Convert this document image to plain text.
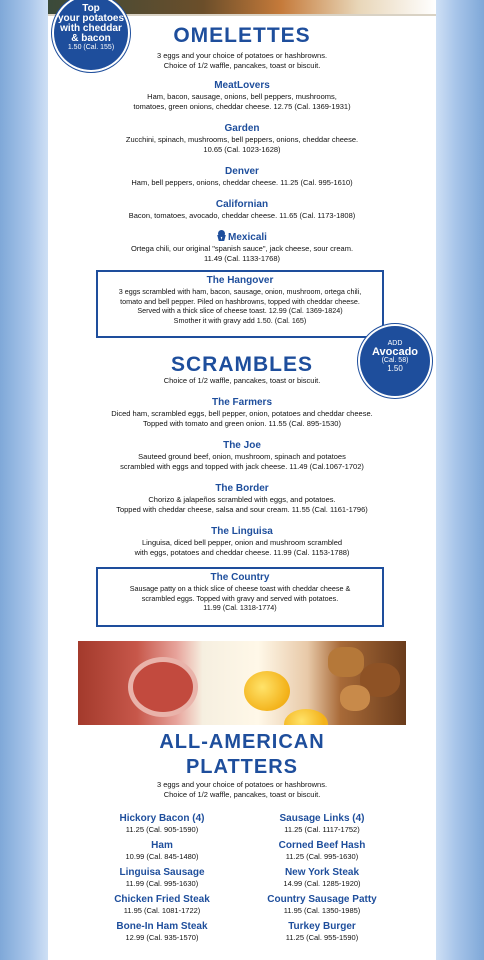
Top
your potatoes
with cheddar
& bacon
1.50 (Cal. 155)
OMELETTES
3 eggs and your choice of potatoes or hashbrowns.
Choice of 1/2 waffle, pancakes, toast or biscuit.
MeatLovers
Ham, bacon, sausage, onions, bell peppers, mushrooms,
tomatoes, green onions, cheddar cheese. 12.75 (Cal. 1369-1931)
Garden
Zucchini, spinach, mushrooms, bell peppers, onions, cheddar cheese.
10.65 (Cal. 1023-1628)
Denver
Ham, bell peppers, onions, cheddar cheese. 11.25 (Cal. 995-1610)
Californian
Bacon, tomatoes, avocado, cheddar cheese. 11.65 (Cal. 1173-1808)
Mexicali
Ortega chili, our original "spanish sauce", jack cheese, sour cream.
11.49 (Cal. 1133-1768)
The Hangover
3 eggs scrambled with ham, bacon, sausage, onion, mushroom, ortega chili,
tomato and bell pepper. Piled on hashbrowns, topped with cheddar cheese.
Served with a thick slice of cheese toast. 12.99 (Cal. 1369-1824)
Smother it with gravy add 1.50. (Cal. 165)
ADD
Avocado
(Cal. 58)
1.50
SCRAMBLES
Choice of 1/2 waffle, pancakes, toast or biscuit.
The Farmers
Diced ham, scrambled eggs, bell pepper, onion, potatoes and cheddar cheese.
Topped with tomato and green onion. 11.55 (Cal. 895-1530)
The Joe
Sauteed ground beef, onion, mushroom, spinach and potatoes
scrambled with eggs and topped with jack cheese. 11.49 (Cal.1067-1702)
The Border
Chorizo & jalapeños scrambled with eggs, and potatoes.
Topped with cheddar cheese, salsa and sour cream. 11.55 (Cal. 1161-1796)
The Linguisa
Linguisa, diced bell pepper, onion and mushroom scrambled
with eggs, potatoes and cheddar cheese. 11.99 (Cal. 1153-1788)
The Country
Sausage patty on a thick slice of cheese toast with cheddar cheese &
scrambled eggs. Topped with gravy and served with potatoes.
11.99 (Cal. 1318-1774)
ALL-AMERICAN
PLATTERS
3 eggs and your choice of potatoes or hashbrowns.
Choice of 1/2 waffle, pancakes, toast or biscuit.
Hickory Bacon (4)
11.25 (Cal. 905-1590)
Ham
10.99 (Cal. 845-1480)
Linguisa Sausage
11.99 (Cal. 995-1630)
Chicken Fried Steak
11.95 (Cal. 1081-1722)
Bone-In Ham Steak
12.99 (Cal. 935-1570)
Sausage Links (4)
11.25 (Cal. 1117-1752)
Corned Beef Hash
11.25 (Cal. 995-1630)
New York Steak
14.99 (Cal. 1285-1920)
Country Sausage Patty
11.95 (Cal. 1350-1985)
Turkey Burger
11.25 (Cal. 955-1590)
